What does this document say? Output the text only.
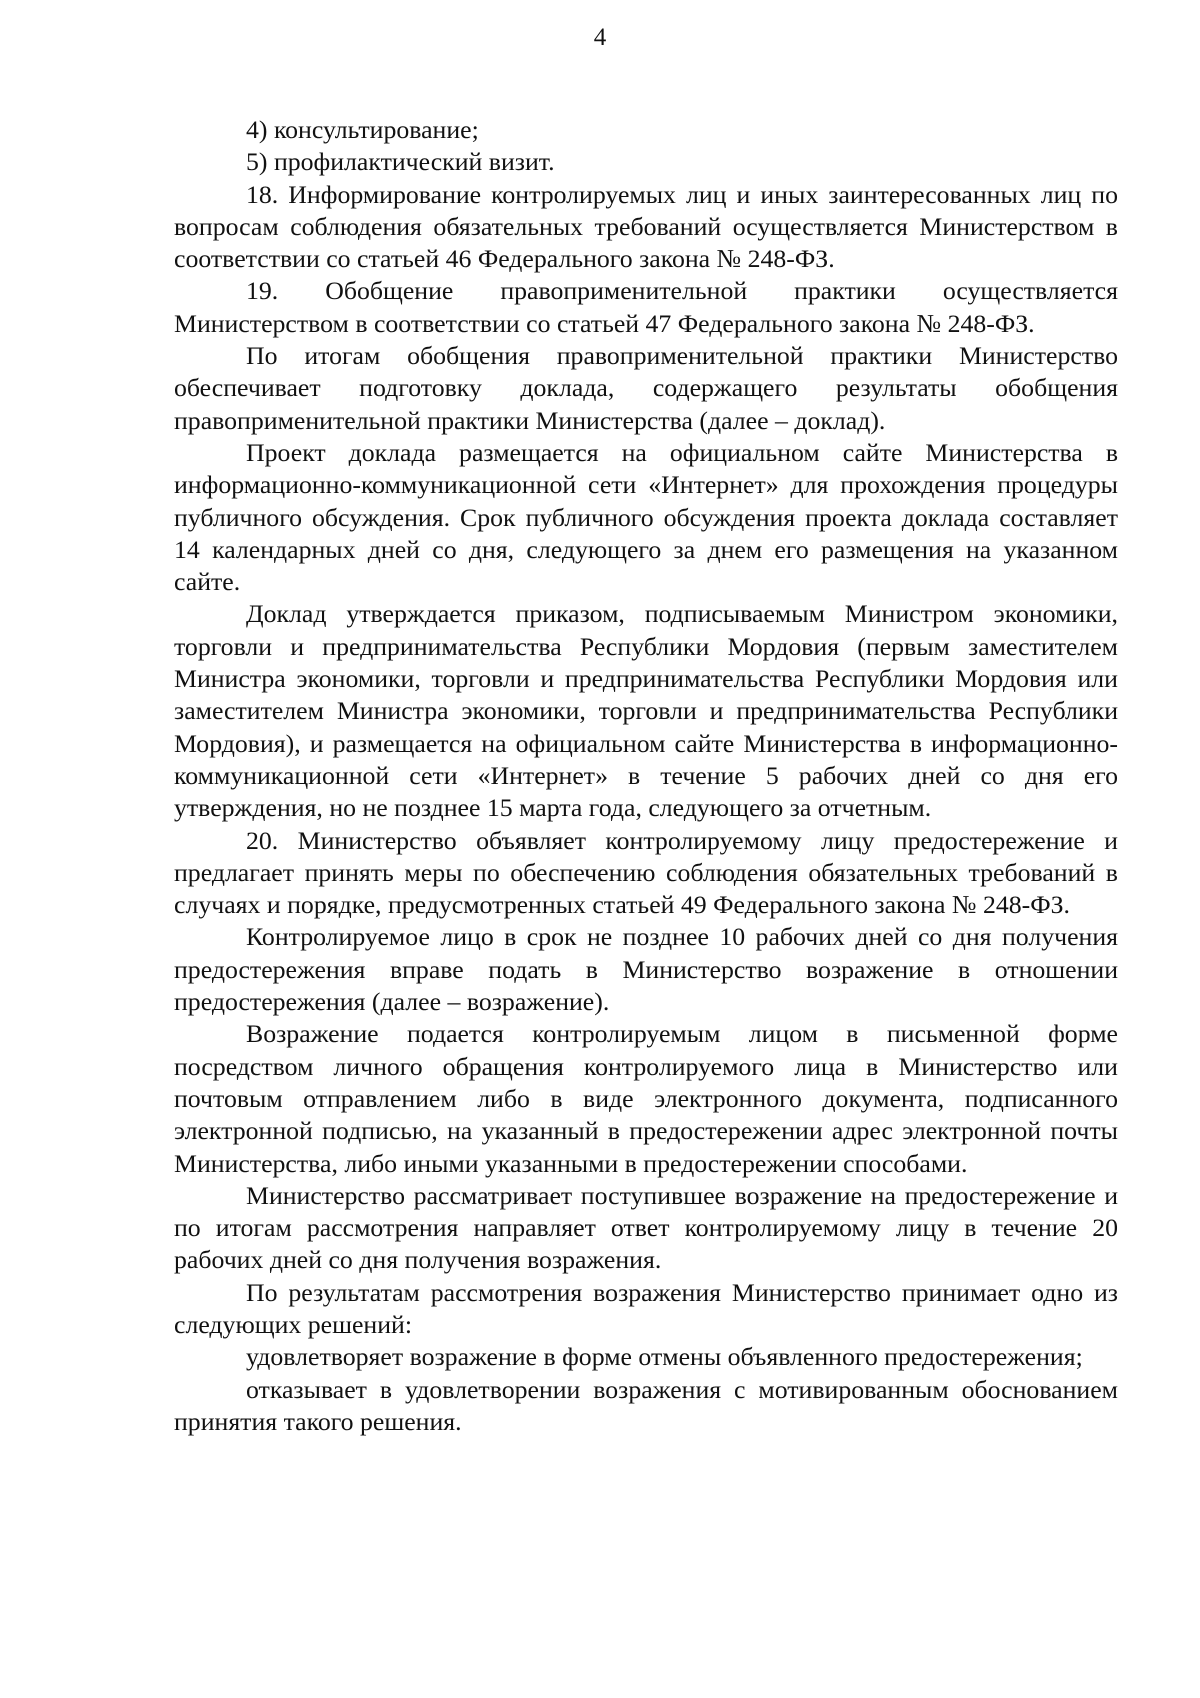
4

4) консультирование;

5) профилактический визит.

18. Информирование контролируемых лиц и иных заинтересованных лиц по вопросам соблюдения обязательных требований осуществляется Министерством в соответствии со статьей 46 Федерального закона № 248-ФЗ.

19. Обобщение правоприменительной практики осуществляется Министерством в соответствии со статьей 47 Федерального закона № 248-ФЗ.

По итогам обобщения правоприменительной практики Министерство обеспечивает подготовку доклада, содержащего результаты обобщения правоприменительной практики Министерства (далее – доклад).

Проект доклада размещается на официальном сайте Министерства в информационно-коммуникационной сети «Интернет» для прохождения процедуры публичного обсуждения. Срок публичного обсуждения проекта доклада составляет 14 календарных дней со дня, следующего за днем его размещения на указанном сайте.

Доклад утверждается приказом, подписываемым Министром экономики, торговли и предпринимательства Республики Мордовия (первым заместителем Министра экономики, торговли и предпринимательства Республики Мордовия или заместителем Министра экономики, торговли и предпринимательства Республики Мордовия), и размещается на официальном сайте Министерства в информационно-коммуникационной сети «Интернет» в течение 5 рабочих дней со дня его утверждения, но не позднее 15 марта года, следующего за отчетным.

20. Министерство объявляет контролируемому лицу предостережение и предлагает принять меры по обеспечению соблюдения обязательных требований в случаях и порядке, предусмотренных статьей 49 Федерального закона № 248-ФЗ.

Контролируемое лицо в срок не позднее 10 рабочих дней со дня получения предостережения вправе подать в Министерство возражение в отношении предостережения (далее – возражение).

Возражение подается контролируемым лицом в письменной форме посредством личного обращения контролируемого лица в Министерство или почтовым отправлением либо в виде электронного документа, подписанного электронной подписью, на указанный в предостережении адрес электронной почты Министерства, либо иными указанными в предостережении способами.

Министерство рассматривает поступившее возражение на предостережение и по итогам рассмотрения направляет ответ контролируемому лицу в течение 20 рабочих дней со дня получения возражения.

По результатам рассмотрения возражения Министерство принимает одно из следующих решений:

удовлетворяет возражение в форме отмены объявленного предостережения;

отказывает в удовлетворении возражения с мотивированным обоснованием принятия такого решения.
